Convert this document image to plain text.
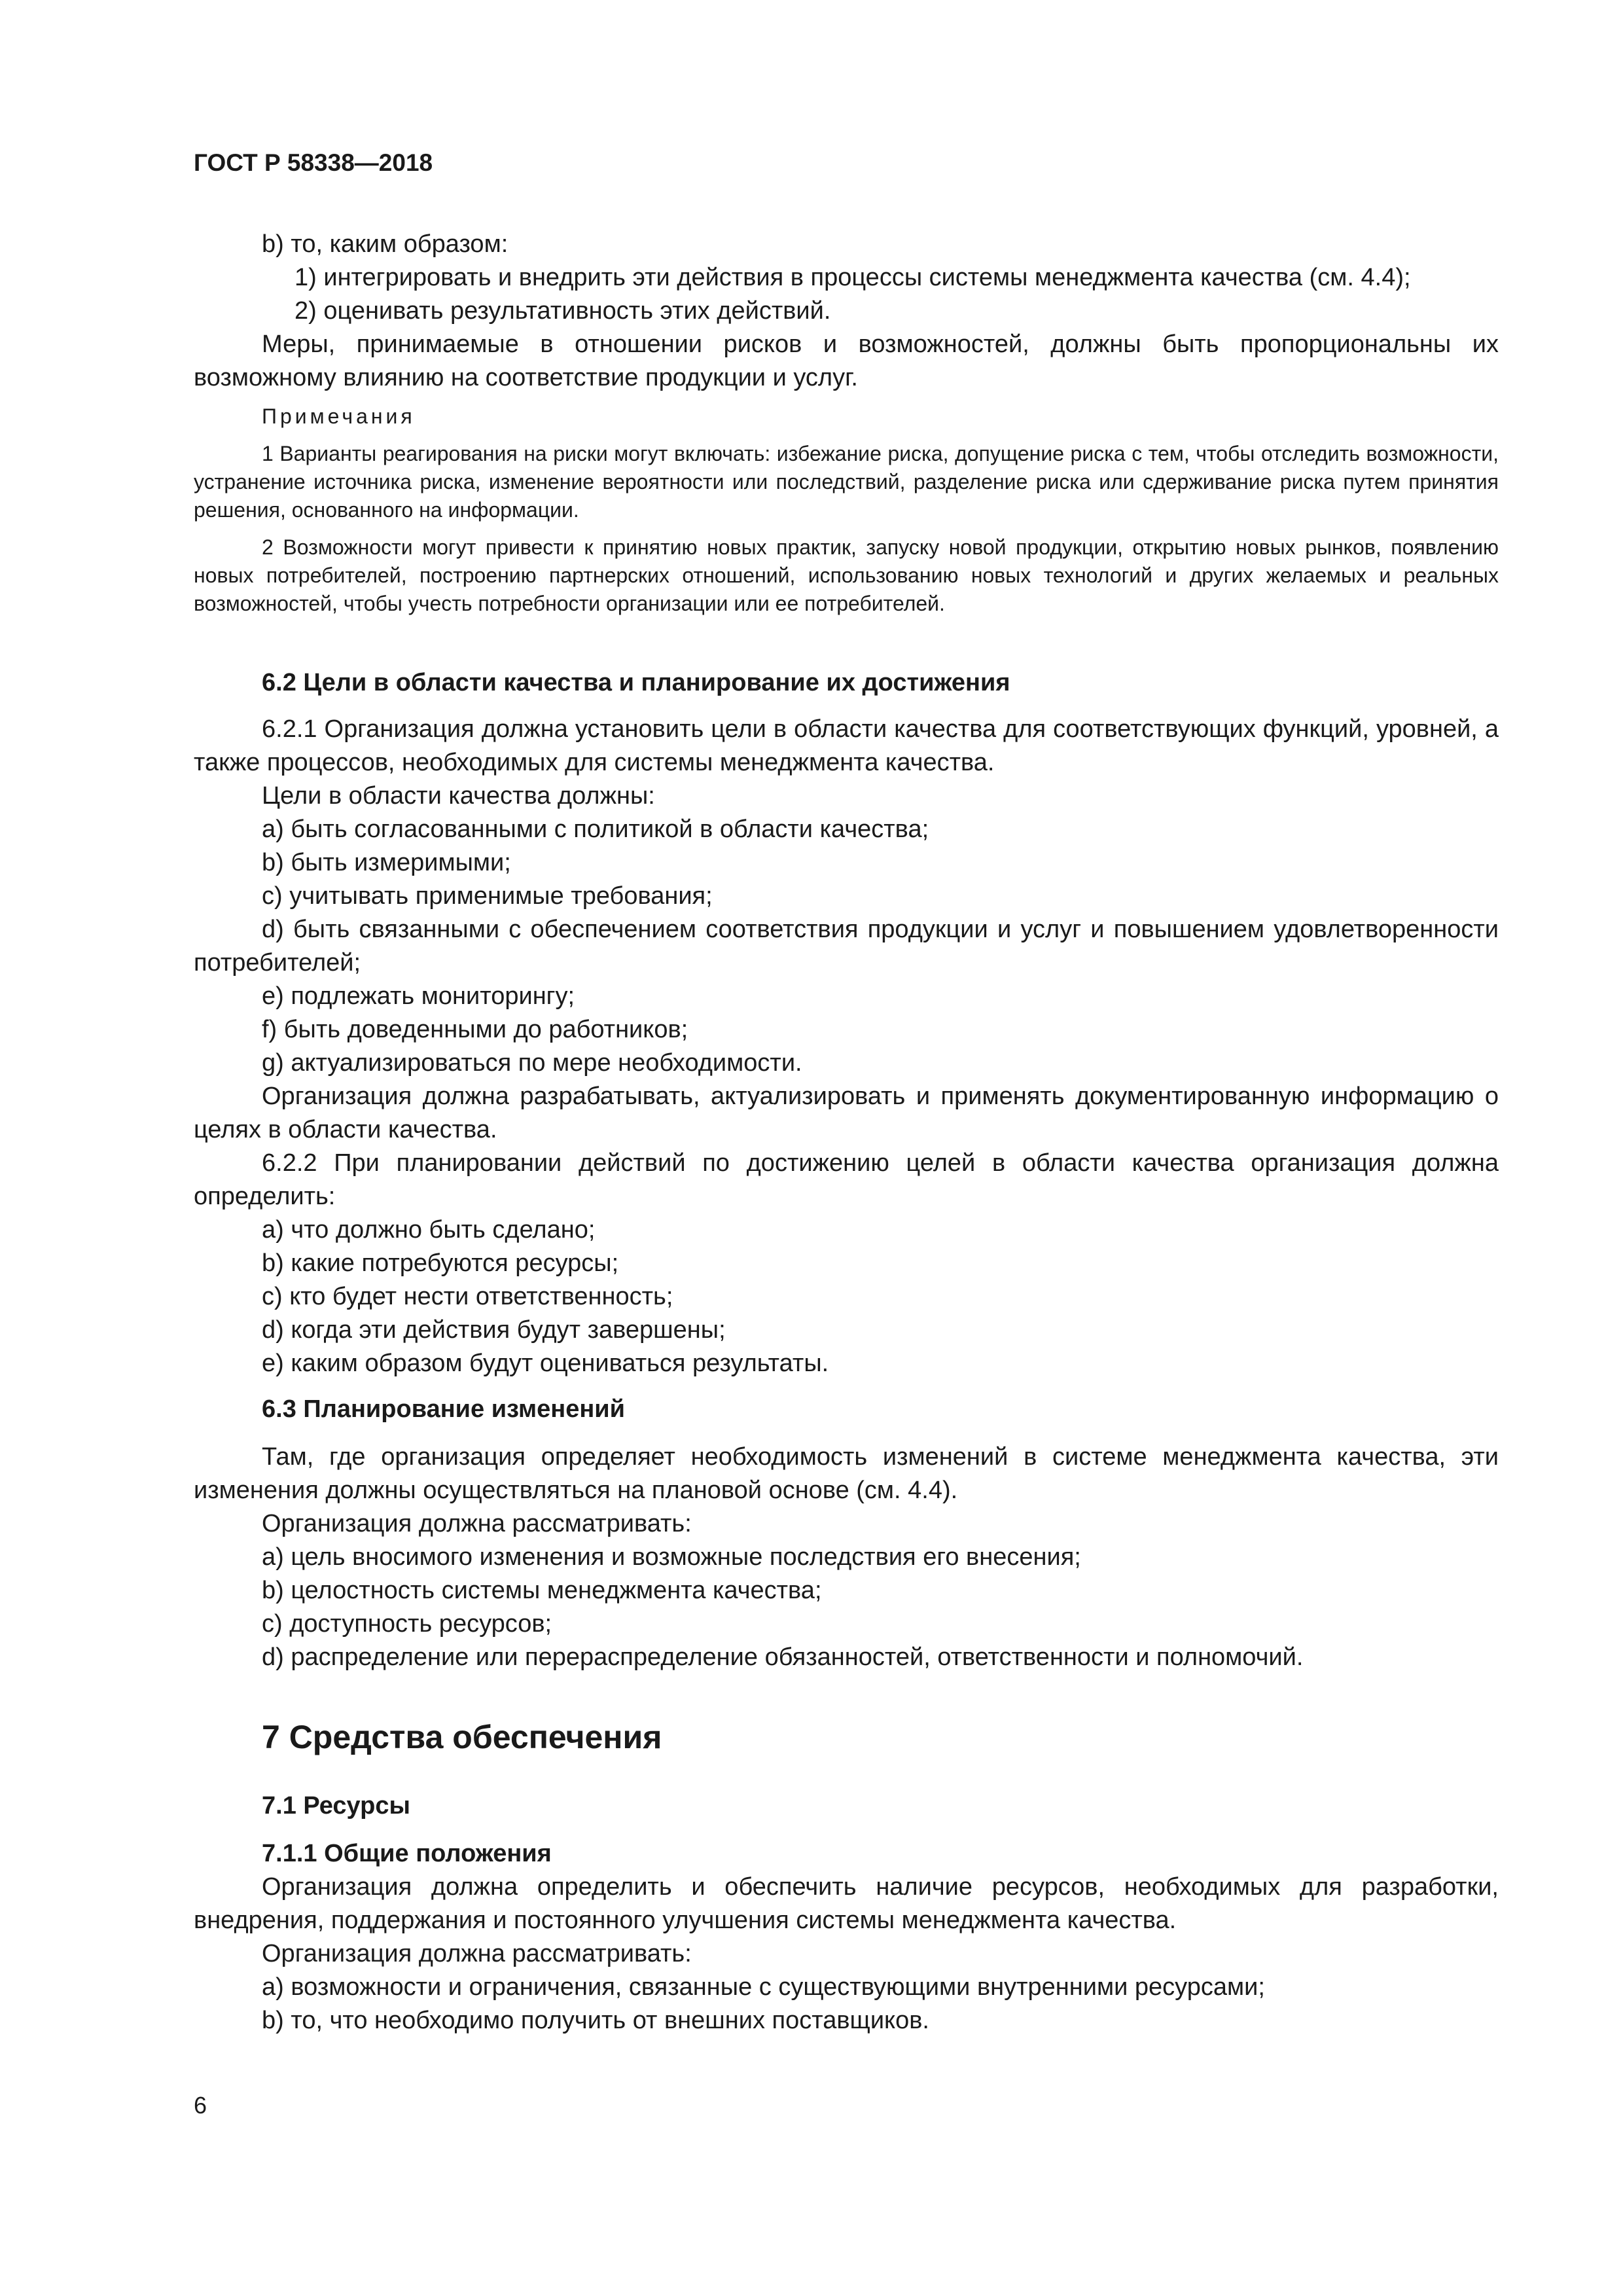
ГОСТ Р 58338—2018

b) то, каким образом:

1) интегрировать и внедрить эти действия в процессы системы менеджмента качества (см. 4.4);

2) оценивать результативность этих действий.

Меры, принимаемые в отношении рисков и возможностей, должны быть пропорциональны их возможному влиянию на соответствие продукции и услуг.

Примечания

1 Варианты реагирования на риски могут включать: избежание риска, допущение риска с тем, чтобы отследить возможности, устранение источника риска, изменение вероятности или последствий, разделение риска или сдерживание риска путем принятия решения, основанного на информации.

2 Возможности могут привести к принятию новых практик, запуску новой продукции, открытию новых рынков, появлению новых потребителей, построению партнерских отношений, использованию новых технологий и других желаемых и реальных возможностей, чтобы учесть потребности организации или ее потребителей.

6.2 Цели в области качества и планирование их достижения

6.2.1 Организация должна установить цели в области качества для соответствующих функций, уровней, а также процессов, необходимых для системы менеджмента качества.

Цели в области качества должны:

a) быть согласованными с политикой в области качества;

b) быть измеримыми;

c) учитывать применимые требования;

d) быть связанными с обеспечением соответствия продукции и услуг и повышением удовлетворенности потребителей;

e) подлежать мониторингу;

f) быть доведенными до работников;

g) актуализироваться по мере необходимости.

Организация должна разрабатывать, актуализировать и применять документированную информацию о целях в области качества.

6.2.2 При планировании действий по достижению целей в области качества организация должна определить:

a) что должно быть сделано;

b) какие потребуются ресурсы;

c) кто будет нести ответственность;

d) когда эти действия будут завершены;

e) каким образом будут оцениваться результаты.

6.3 Планирование изменений

Там, где организация определяет необходимость изменений в системе менеджмента качества, эти изменения должны осуществляться на плановой основе (см. 4.4).

Организация должна рассматривать:

a) цель вносимого изменения и возможные последствия его внесения;

b) целостность системы менеджмента качества;

c) доступность ресурсов;

d) распределение или перераспределение обязанностей, ответственности и полномочий.

7 Средства обеспечения

7.1 Ресурсы

7.1.1 Общие положения

Организация должна определить и обеспечить наличие ресурсов, необходимых для разработки, внедрения, поддержания и постоянного улучшения системы менеджмента качества.

Организация должна рассматривать:

a) возможности и ограничения, связанные с существующими внутренними ресурсами;

b) то, что необходимо получить от внешних поставщиков.

6
